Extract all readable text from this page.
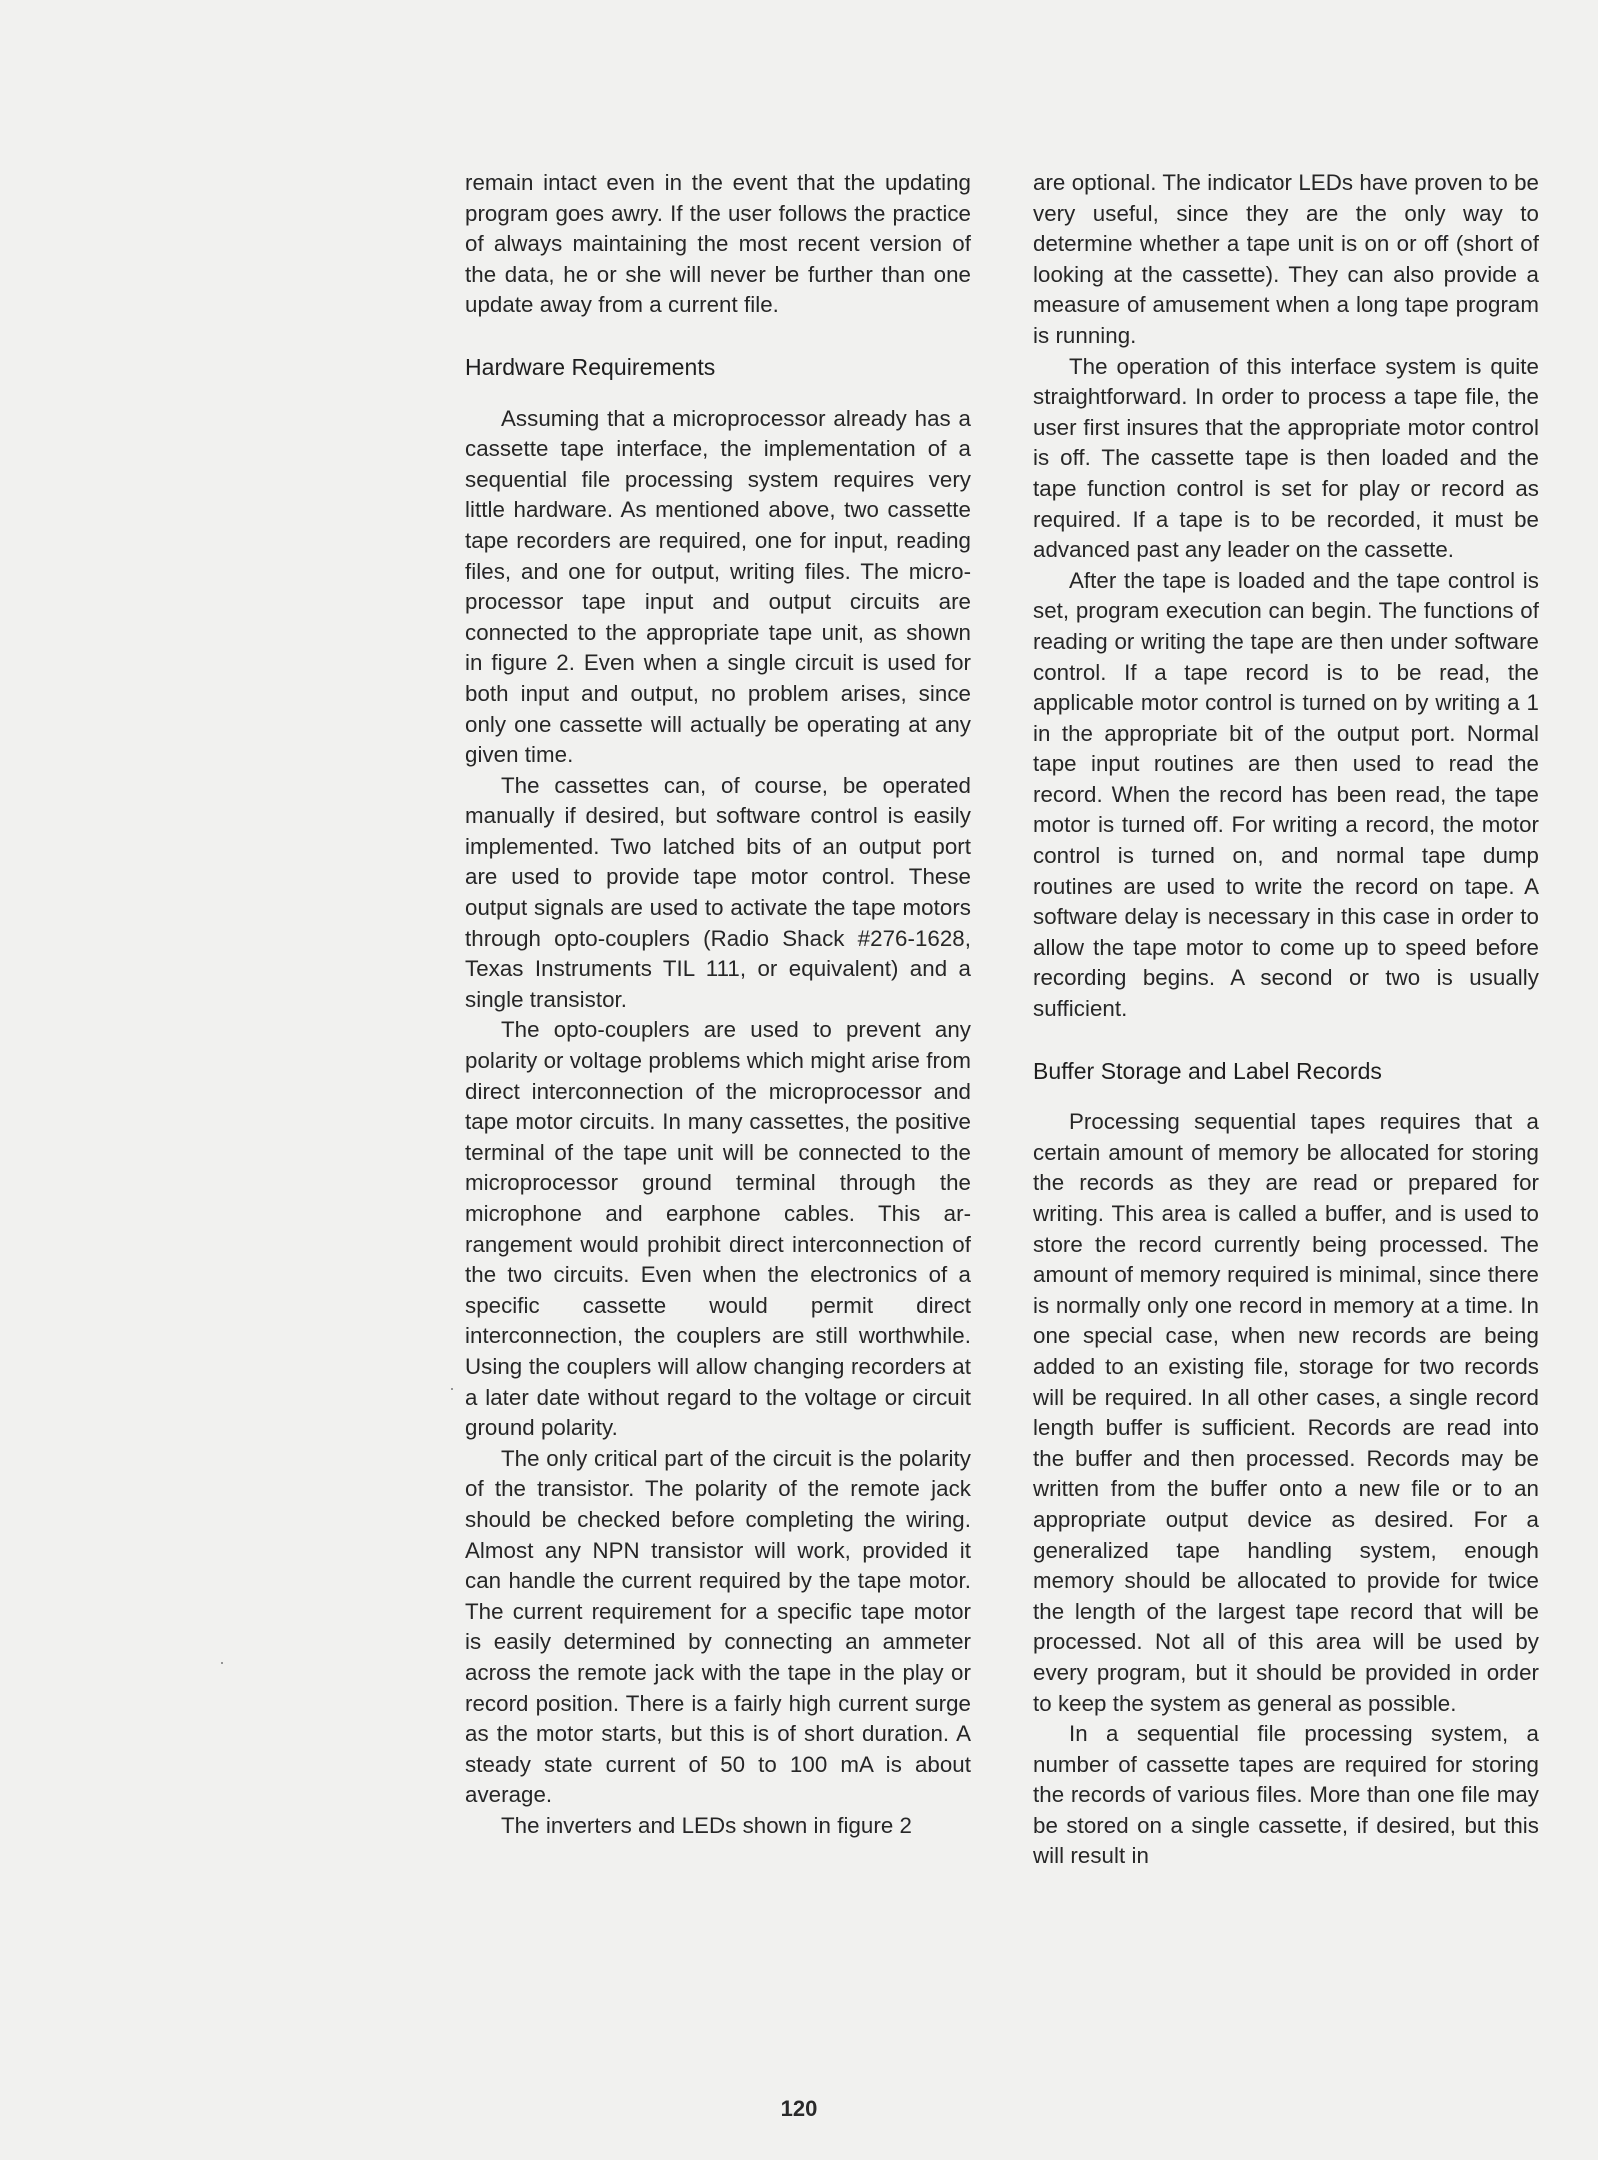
remain intact even in the event that the updating program goes awry. If the user follows the practice of always maintaining the most recent version of the data, he or she will never be further than one update away from a current file.

Hardware Requirements

Assuming that a microprocessor already has a cassette tape interface, the implementation of a sequential file processing system requires very little hardware. As mentioned above, two cassette tape recorders are required, one for input, reading files, and one for output, writing files. The microprocessor tape input and output circuits are connected to the appropriate tape unit, as shown in figure 2. Even when a single circuit is used for both input and output, no problem arises, since only one cassette will actually be operating at any given time.

The cassettes can, of course, be operated manually if desired, but software control is easily implemented. Two latched bits of an output port are used to provide tape motor control. These output signals are used to activate the tape motors through opto-couplers (Radio Shack #276-1628, Texas Instruments TIL 111, or equivalent) and a single transistor.

The opto-couplers are used to prevent any polarity or voltage problems which might arise from direct interconnection of the microprocessor and tape motor circuits. In many cassettes, the positive terminal of the tape unit will be connected to the microprocessor ground terminal through the microphone and earphone cables. This arrangement would prohibit direct interconnection of the two circuits. Even when the electronics of a specific cassette would permit direct interconnection, the couplers are still worthwhile. Using the couplers will allow changing recorders at a later date without regard to the voltage or circuit ground polarity.

The only critical part of the circuit is the polarity of the transistor. The polarity of the remote jack should be checked before completing the wiring. Almost any NPN transistor will work, provided it can handle the current required by the tape motor. The current requirement for a specific tape motor is easily determined by connecting an ammeter across the remote jack with the tape in the play or record position. There is a fairly high current surge as the motor starts, but this is of short duration. A steady state current of 50 to 100 mA is about average.

The inverters and LEDs shown in figure 2

are optional. The indicator LEDs have proven to be very useful, since they are the only way to determine whether a tape unit is on or off (short of looking at the cassette). They can also provide a measure of amusement when a long tape program is running.

The operation of this interface system is quite straightforward. In order to process a tape file, the user first insures that the appropriate motor control is off. The cassette tape is then loaded and the tape function control is set for play or record as required. If a tape is to be recorded, it must be advanced past any leader on the cassette.

After the tape is loaded and the tape control is set, program execution can begin. The functions of reading or writing the tape are then under software control. If a tape record is to be read, the applicable motor control is turned on by writing a 1 in the appropriate bit of the output port. Normal tape input routines are then used to read the record. When the record has been read, the tape motor is turned off. For writing a record, the motor control is turned on, and normal tape dump routines are used to write the record on tape. A software delay is necessary in this case in order to allow the tape motor to come up to speed before recording begins. A second or two is usually sufficient.

Buffer Storage and Label Records

Processing sequential tapes requires that a certain amount of memory be allocated for storing the records as they are read or prepared for writing. This area is called a buffer, and is used to store the record currently being processed. The amount of memory required is minimal, since there is normally only one record in memory at a time. In one special case, when new records are being added to an existing file, storage for two records will be required. In all other cases, a single record length buffer is sufficient. Records are read into the buffer and then processed. Records may be written from the buffer onto a new file or to an appropriate output device as desired. For a generalized tape handling system, enough memory should be allocated to provide for twice the length of the largest tape record that will be processed. Not all of this area will be used by every program, but it should be provided in order to keep the system as general as possible.

In a sequential file processing system, a number of cassette tapes are required for storing the records of various files. More than one file may be stored on a single cassette, if desired, but this will result in

120
